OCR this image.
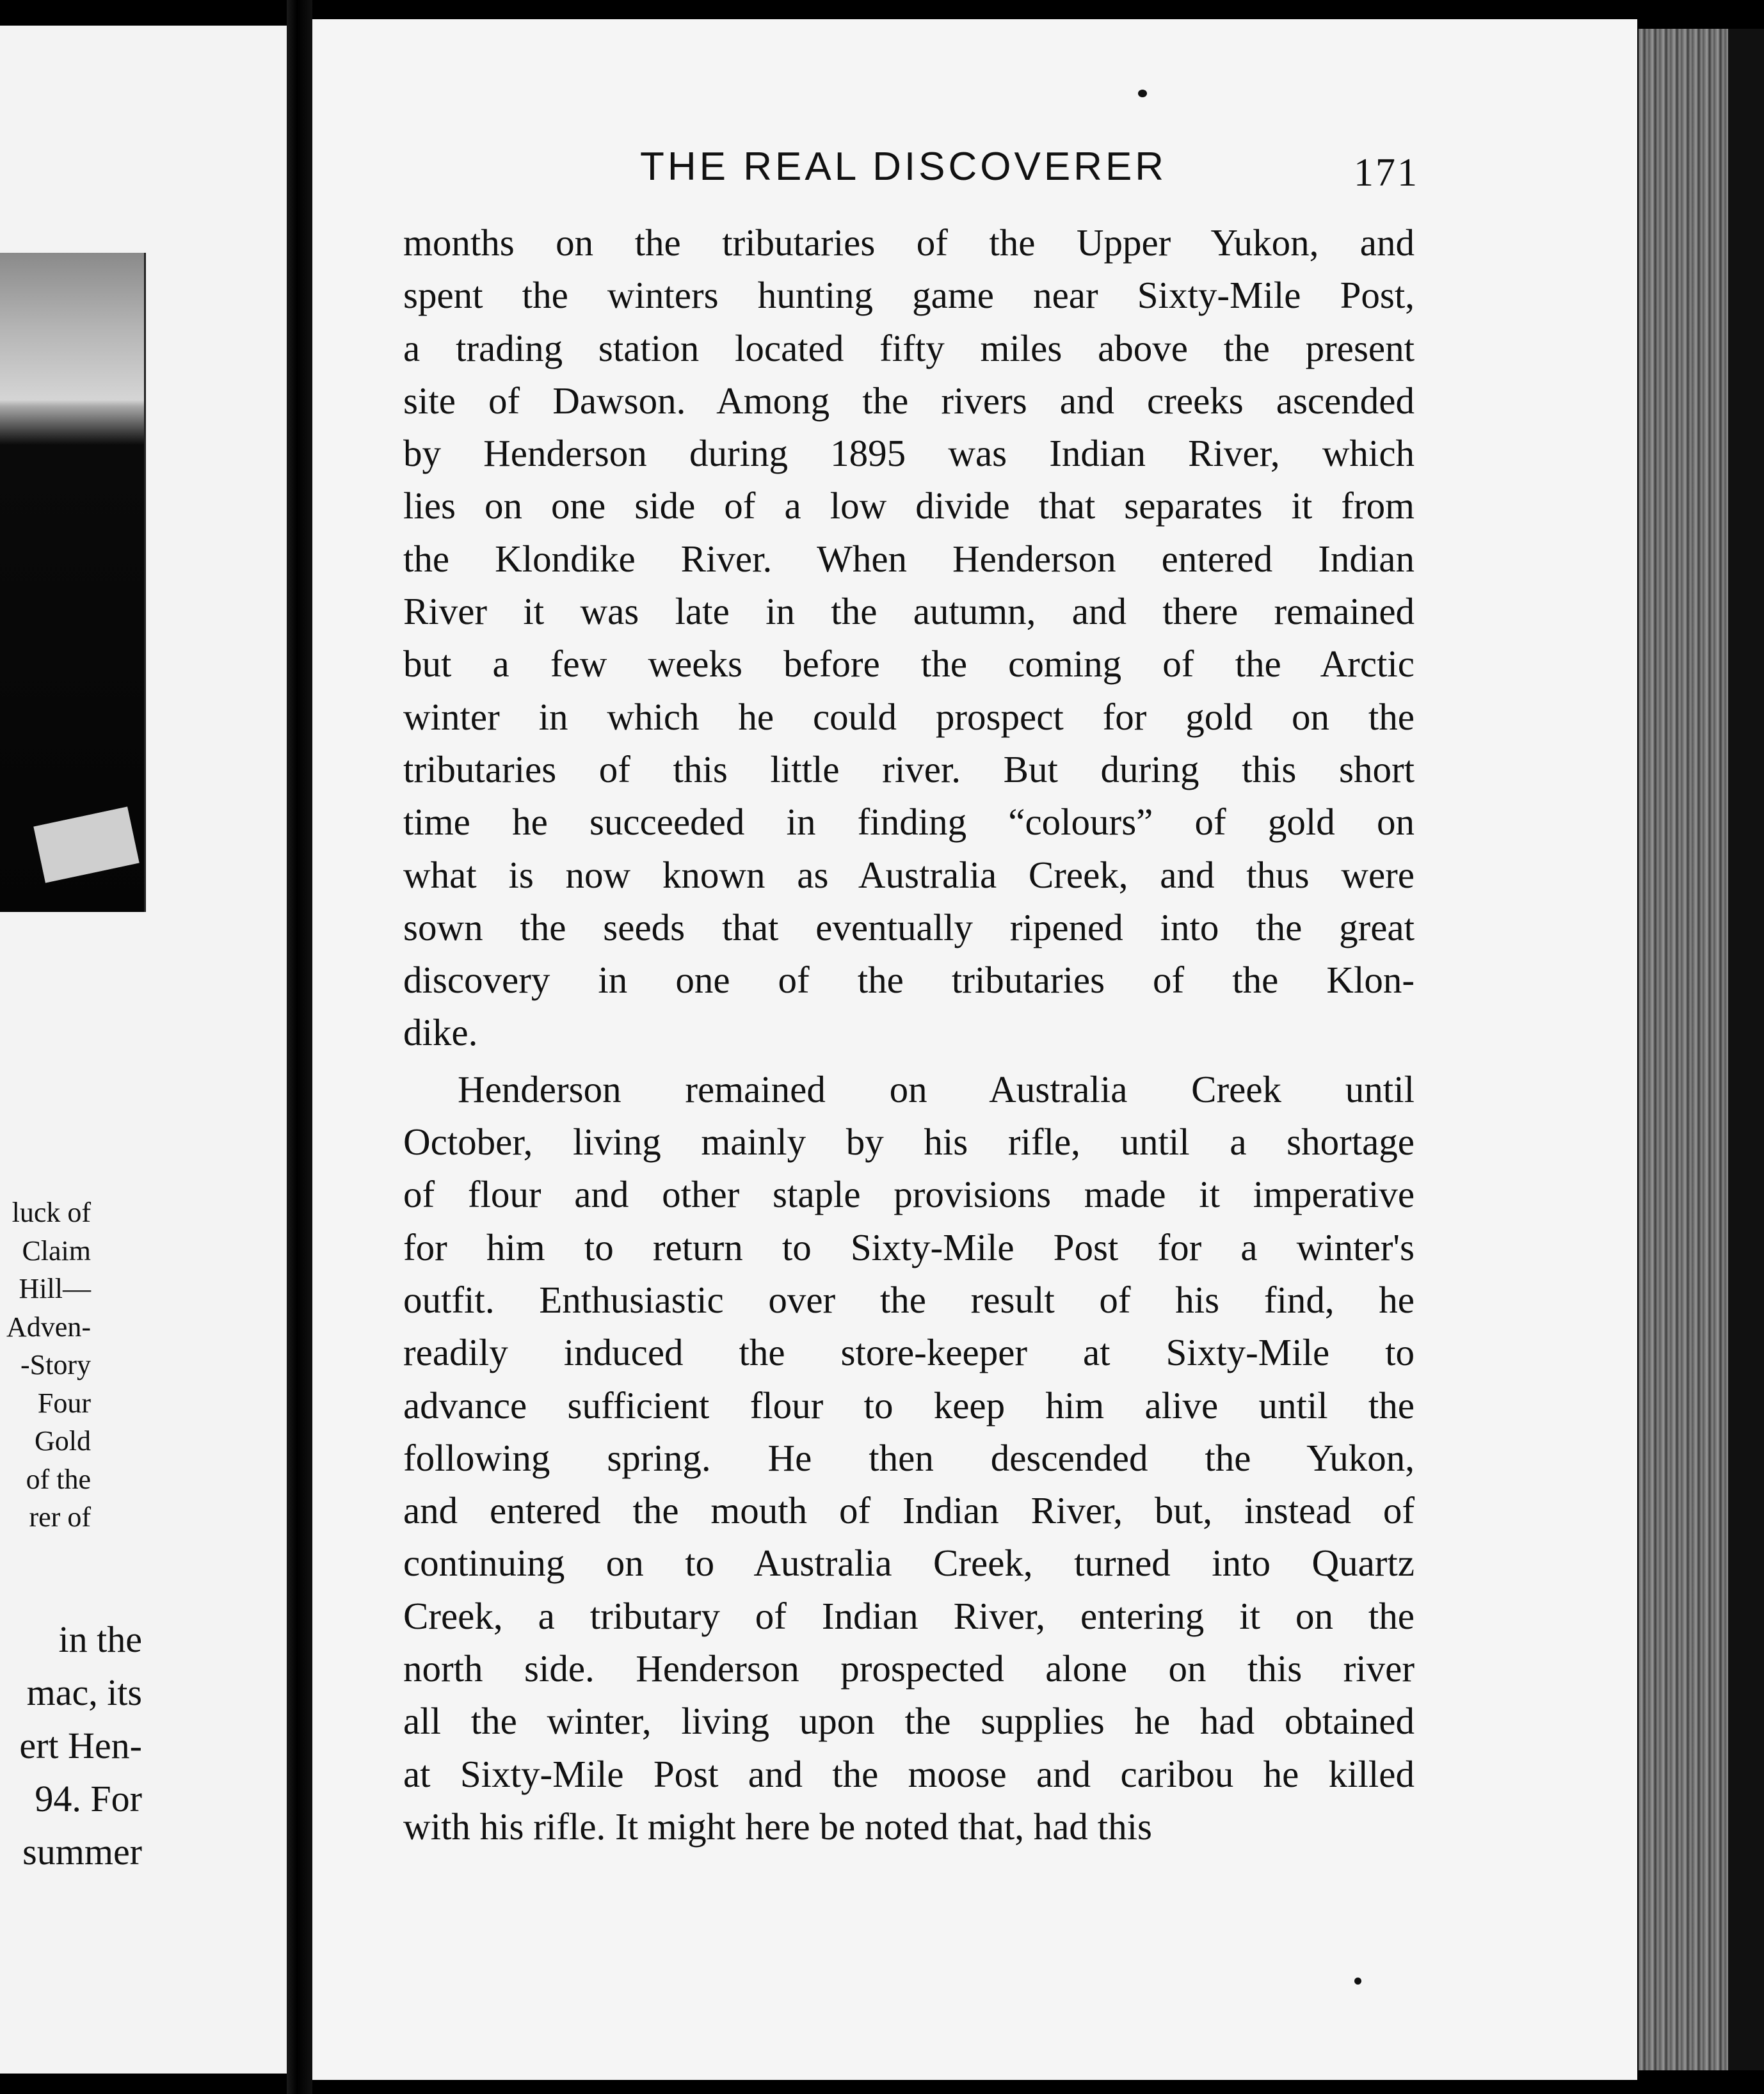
luck of
Claim
Hill—
Adven-
-Story
Four
Gold
of the
rer of
in the
mac, its
ert Hen-
94. For
summer
THE REAL DISCOVERER	171
months on the tributaries of the Upper Yukon, and
spent the winters hunting game near Sixty-Mile Post,
a trading station located fifty miles above the present
site of Dawson. Among the rivers and creeks ascended
by Henderson during 1895 was Indian River, which
lies on one side of a low divide that separates it from
the Klondike River. When Henderson entered Indian
River it was late in the autumn, and there remained
but a few weeks before the coming of the Arctic
winter in which he could prospect for gold on the
tributaries of this little river. But during this short
time he succeeded in finding “colours” of gold on
what is now known as Australia Creek, and thus were
sown the seeds that eventually ripened into the great
discovery in one of the tributaries of the Klon-
dike.
Henderson remained on Australia Creek until
October, living mainly by his rifle, until a shortage
of flour and other staple provisions made it imperative
for him to return to Sixty-Mile Post for a winter's
outfit. Enthusiastic over the result of his find, he
readily induced the store-keeper at Sixty-Mile to
advance sufficient flour to keep him alive until the
following spring. He then descended the Yukon,
and entered the mouth of Indian River, but, instead of
continuing on to Australia Creek, turned into Quartz
Creek, a tributary of Indian River, entering it on the
north side. Henderson prospected alone on this river
all the winter, living upon the supplies he had obtained
at Sixty-Mile Post and the moose and caribou he killed
with his rifle. It might here be noted that, had this
